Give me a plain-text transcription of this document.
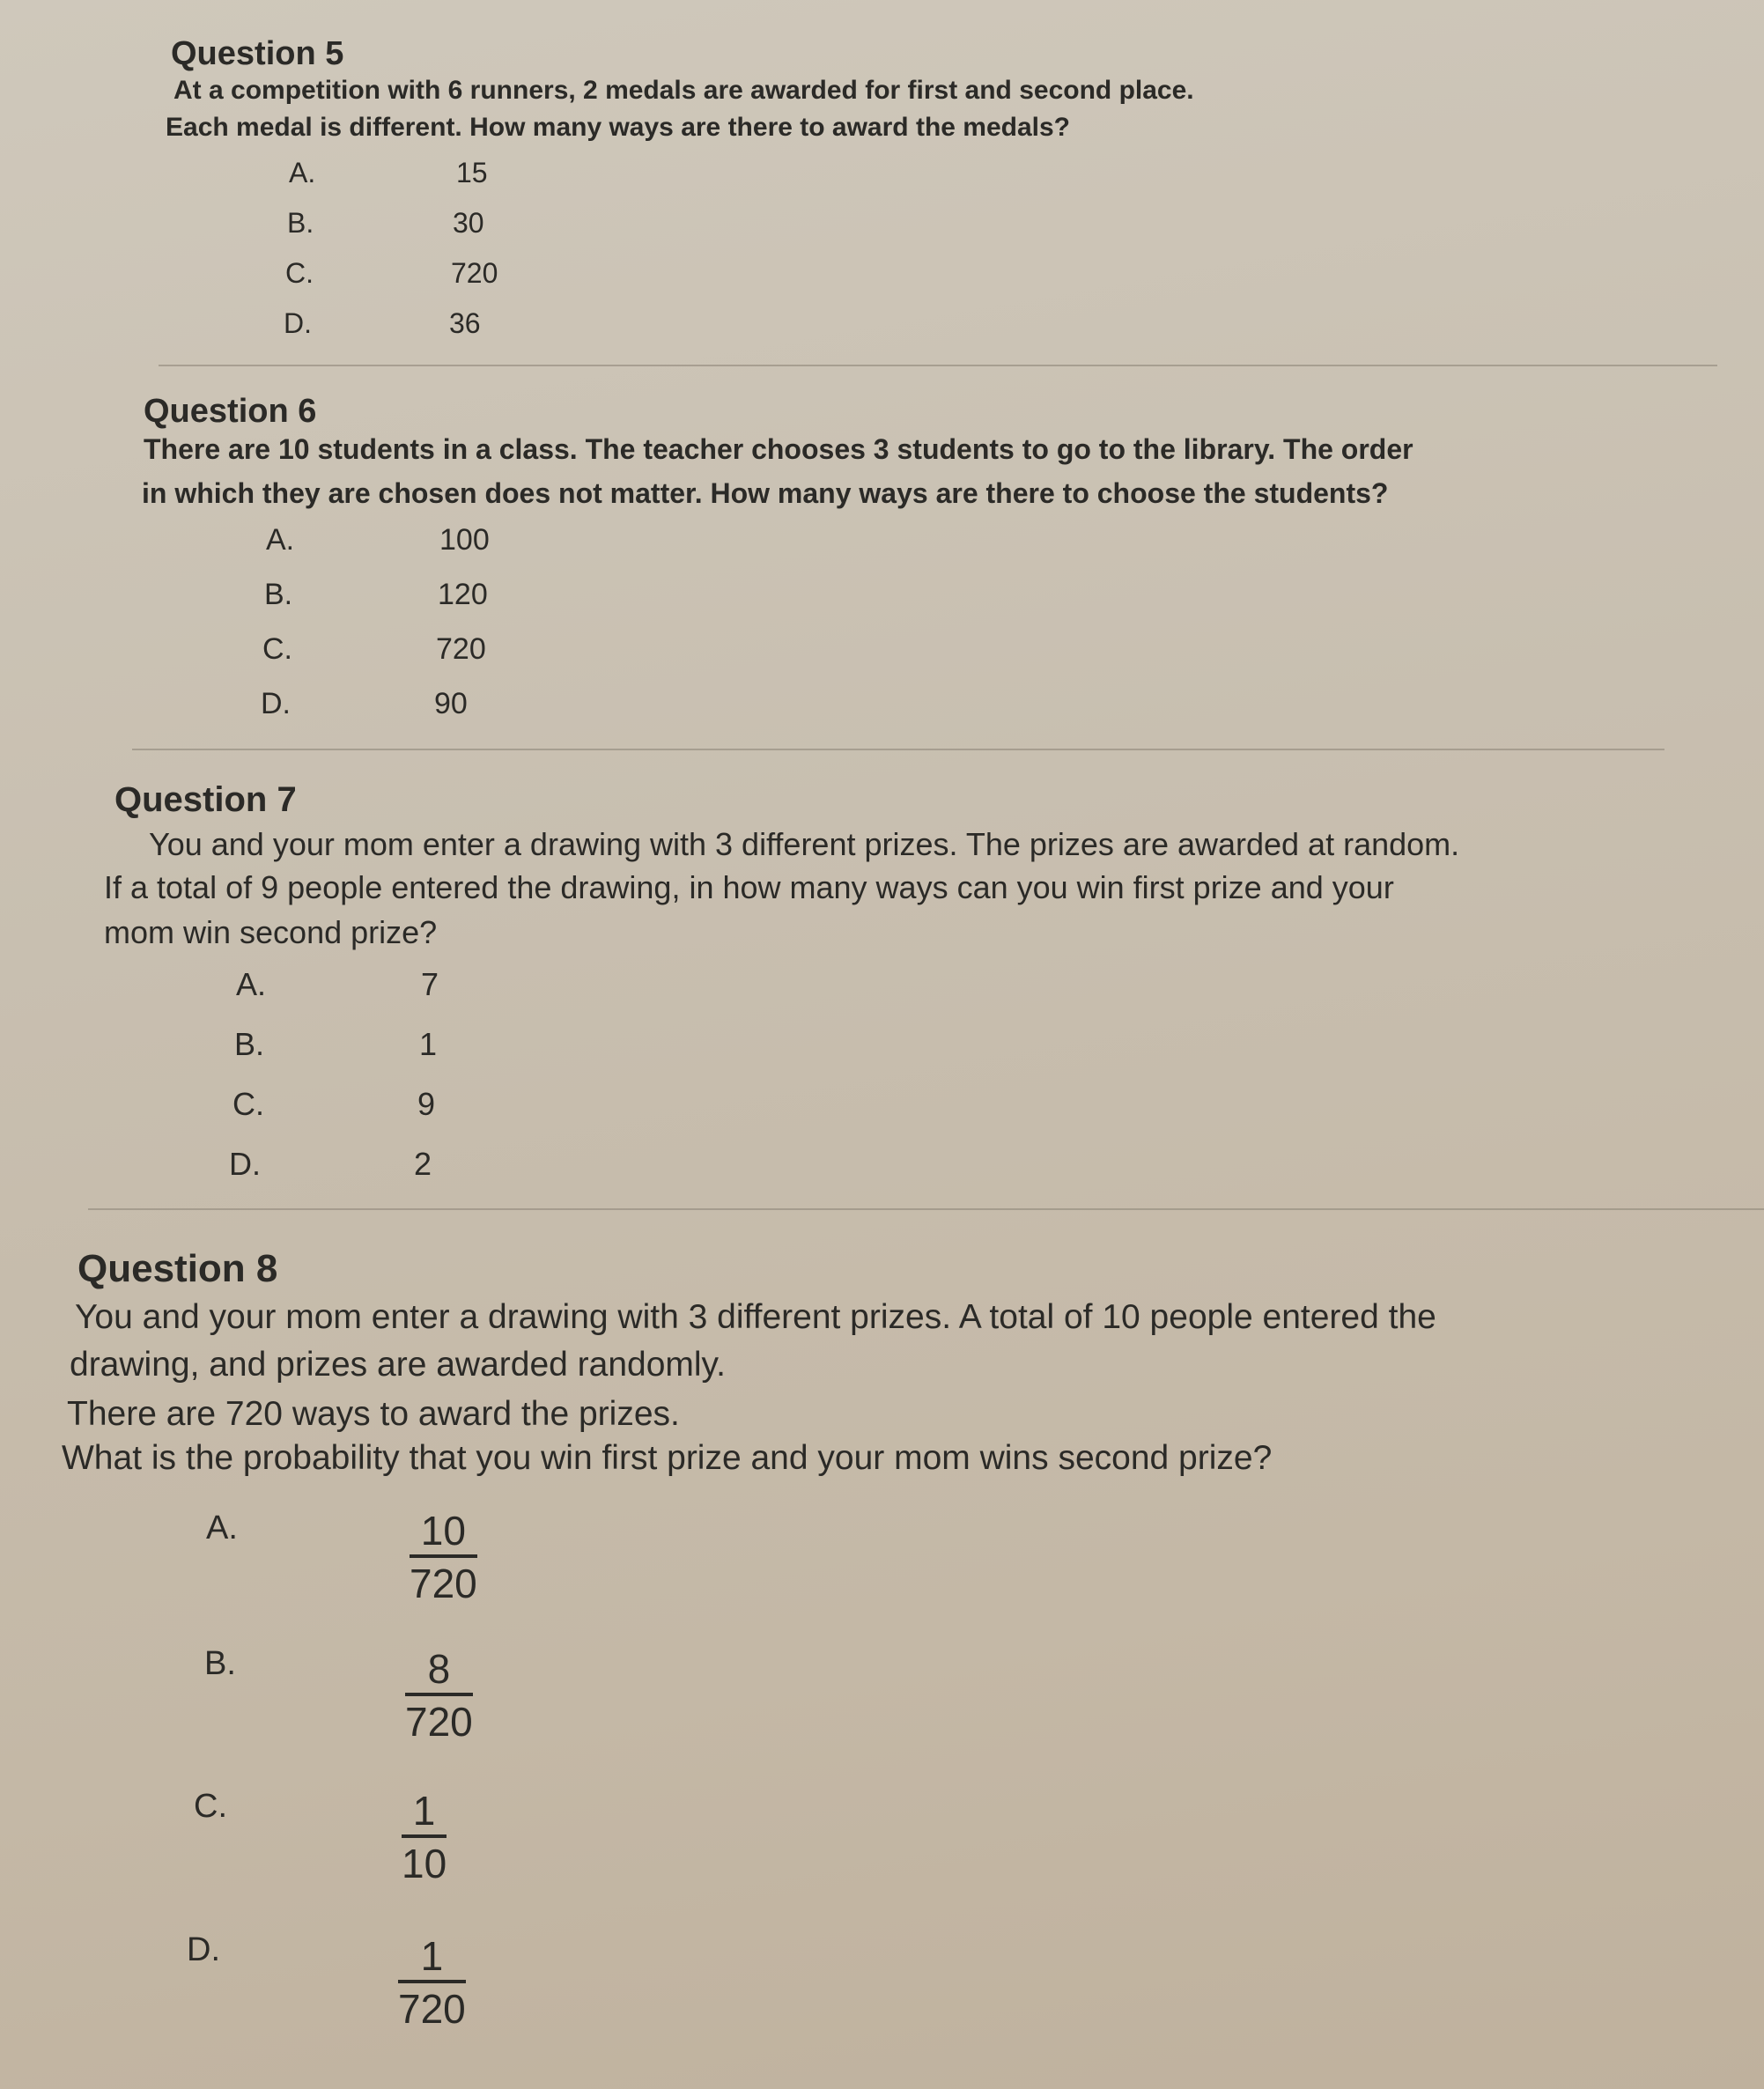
Question 5
At a competition with 6 runners, 2 medals are awarded for first and second place.
Each medal is different. How many ways are there to award the medals?
A.	15
B.	30
C.	720
D.	36
Question 6
There are 10 students in a class. The teacher chooses 3 students to go to the library. The order
in which they are chosen does not matter. How many ways are there to choose the students?
A.	100
B.	120
C.	720
D.	90
Question 7
You and your mom enter a drawing with 3 different prizes. The prizes are awarded at random.
If a total of 9 people entered the drawing, in how many ways can you win first prize and your
mom win second prize?
A.	7
B.	1
C.	9
D.	2
Question 8
You and your mom enter a drawing with 3 different prizes. A total of 10 people entered the
drawing, and prizes are awarded randomly.
There are 720 ways to award the prizes.
What is the probability that you win first prize and your mom wins second prize?
A.	10
720
B.	8
720
C.	1
10
D.	1
720
